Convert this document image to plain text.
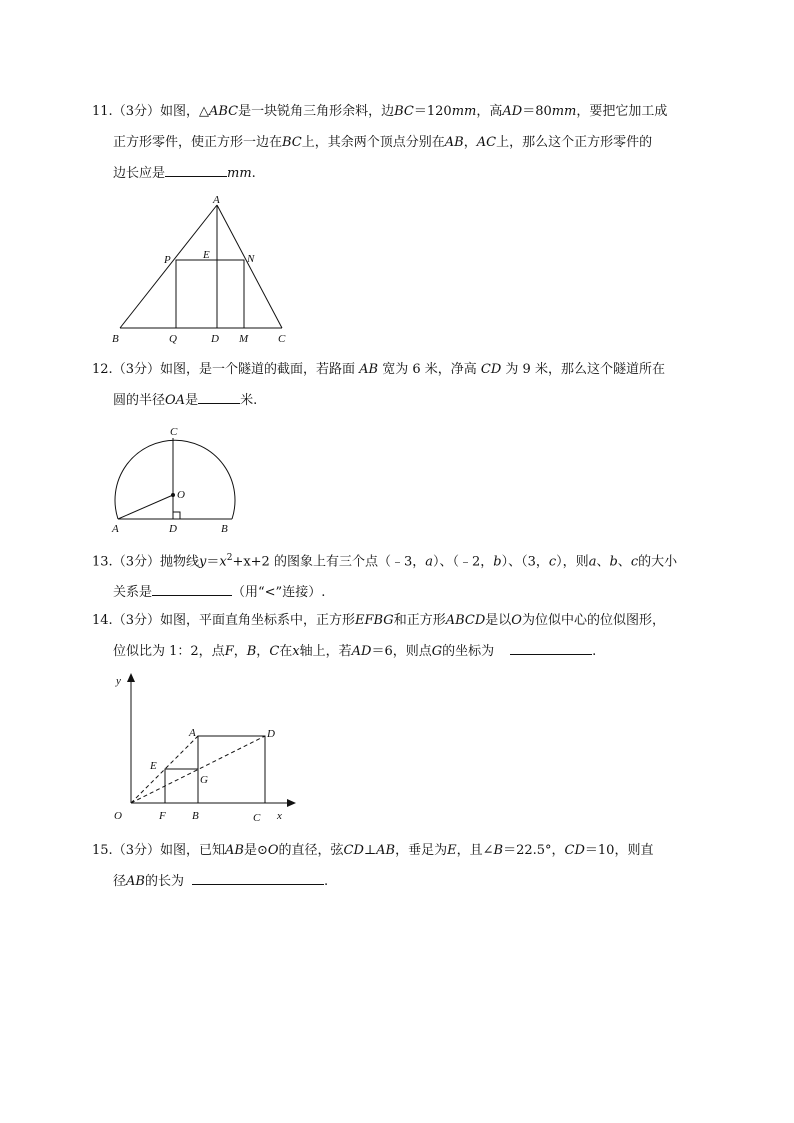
11.（3分）如图，△ABC是一块锐角三角形余料，边BC＝120mm，高AD＝80mm，要把它加工成
正方形零件，使正方形一边在BC上，其余两个顶点分别在AB，AC上，那么这个正方形零件的
边长应是	mm.
A
B	C
D
E
P	N
Q	M
12.（3分）如图，是一个隧道的截面，若路面 AB 宽为 6 米，净高 CD 为 9 米，那么这个隧道所在
圆的半径OA是	米.
C
O
A	D	B
13.（3分）抛物线$y=x^2+x+2$ 的图象上有三个点（﹣3，a）、（﹣2，b）、（3，c），则a、b、c的大小
关系是	（用“<”连接）.
14.（3分）如图，平面直角坐标系中，正方形EFBG和正方形ABCD是以O为位似中心的位似图形，
位似比为 1：2，点F，B，C在x轴上，若AD＝6，则点G的坐标为	.
y
x
O
A	D
E
G
F B	C
15.（3分）如图，已知AB是⊙O的直径，弦CD⊥AB，垂足为E，且∠B＝22.5°，CD＝10，则直
径AB的长为	.
